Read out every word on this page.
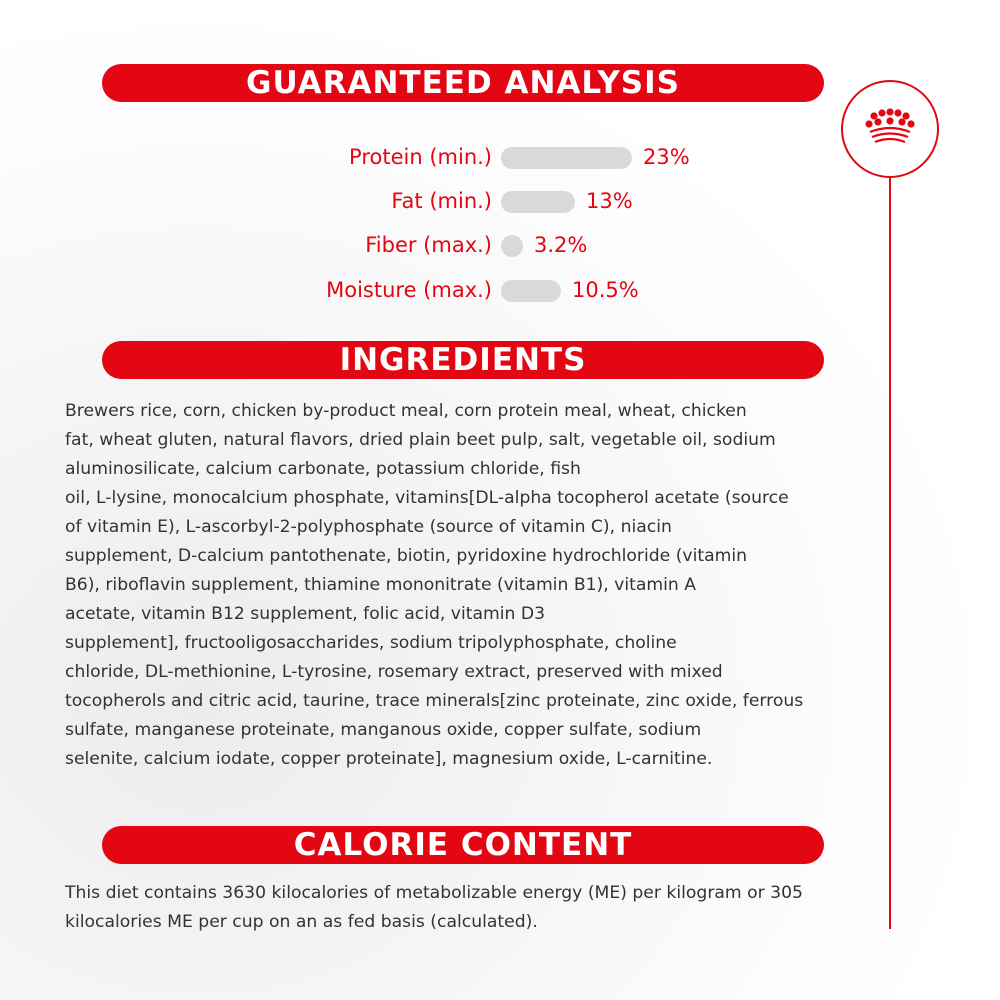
GUARANTEED ANALYSIS
Protein (min.)	23%
Fat (min.)	13%
Fiber (max.) 3.2%
Moisture (max.)	10.5%
INGREDIENTS
Brewers rice, corn, chicken by-product meal, corn protein meal, wheat, chicken
fat, wheat gluten, natural flavors, dried plain beet pulp, salt, vegetable oil, sodium
aluminosilicate, calcium carbonate, potassium chloride, fish
oil, L-lysine, monocalcium phosphate, vitamins[DL-alpha tocopherol acetate (source
of vitamin E), L-ascorbyl-2-polyphosphate (source of vitamin C), niacin
supplement, D-calcium pantothenate, biotin, pyridoxine hydrochloride (vitamin
B6), riboflavin supplement, thiamine mononitrate (vitamin B1), vitamin A
acetate, vitamin B12 supplement, folic acid, vitamin D3
supplement], fructooligosaccharides, sodium tripolyphosphate, choline
chloride, DL-methionine, L-tyrosine, rosemary extract, preserved with mixed
tocopherols and citric acid, taurine, trace minerals[zinc proteinate, zinc oxide, ferrous
sulfate, manganese proteinate, manganous oxide, copper sulfate, sodium
selenite, calcium iodate, copper proteinate], magnesium oxide, L-carnitine.
CALORIE CONTENT
This diet contains 3630 kilocalories of metabolizable energy (ME) per kilogram or 305
kilocalories ME per cup on an as fed basis (calculated).
